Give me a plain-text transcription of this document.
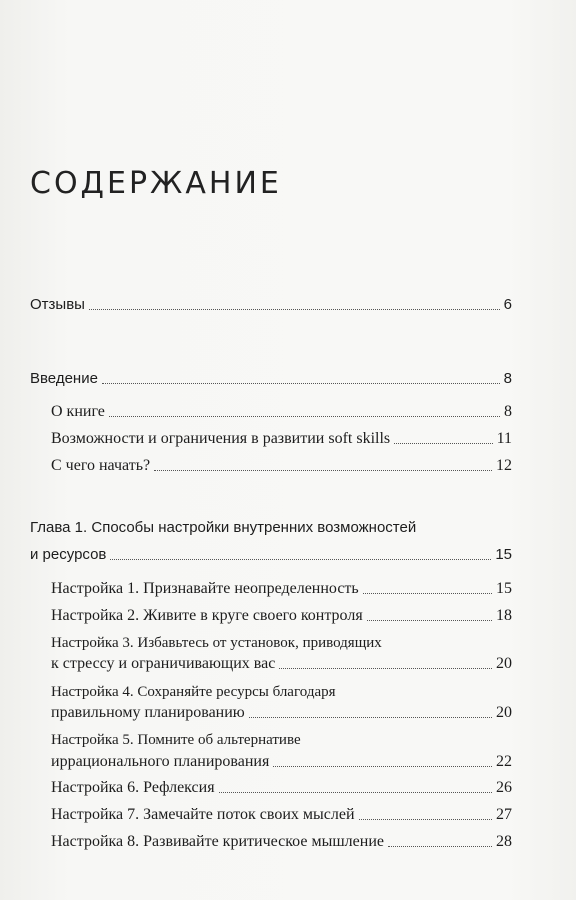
СОДЕРЖАНИЕ
Отзывы	6
Введение	8
О книге	8
Возможности и ограничения в развитии soft skills	11
С чего начать?	12
Глава 1. Способы настройки внутренних возможностей
и ресурсов	15
Настройка 1. Признавайте неопределенность	15
Настройка 2. Живите в круге своего контроля	18
Настройка 3. Избавьтесь от установок, приводящих
к стрессу и ограничивающих вас	20
Настройка 4. Сохраняйте ресурсы благодаря
правильному планированию	20
Настройка 5. Помните об альтернативе
иррационального планирования	22
Настройка 6. Рефлексия	26
Настройка 7. Замечайте поток своих мыслей	27
Настройка 8. Развивайте критическое мышление	28
